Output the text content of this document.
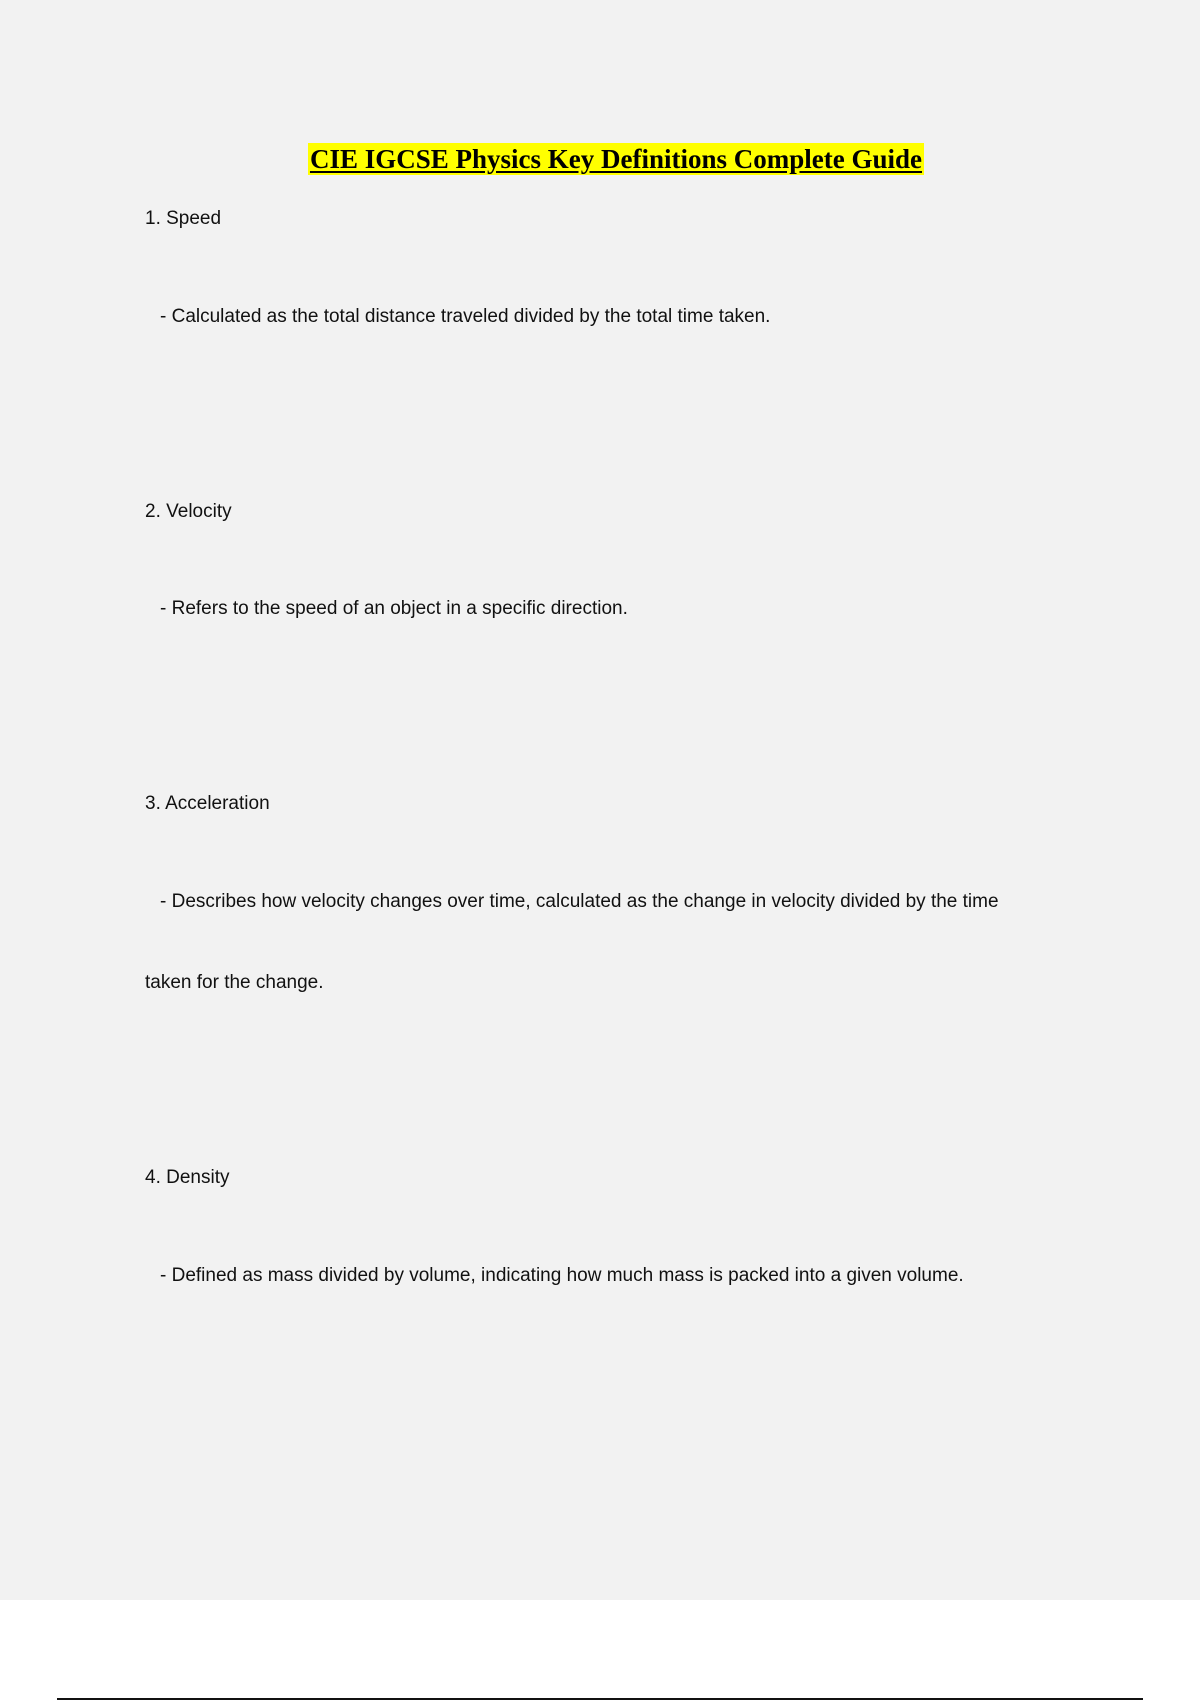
CIE IGCSE Physics Key Definitions Complete Guide
1. Speed
- Calculated as the total distance traveled divided by the total time taken.
2. Velocity
- Refers to the speed of an object in a specific direction.
3. Acceleration
- Describes how velocity changes over time, calculated as the change in velocity divided by the time
taken for the change.
4. Density
- Defined as mass divided by volume, indicating how much mass is packed into a given volume.
